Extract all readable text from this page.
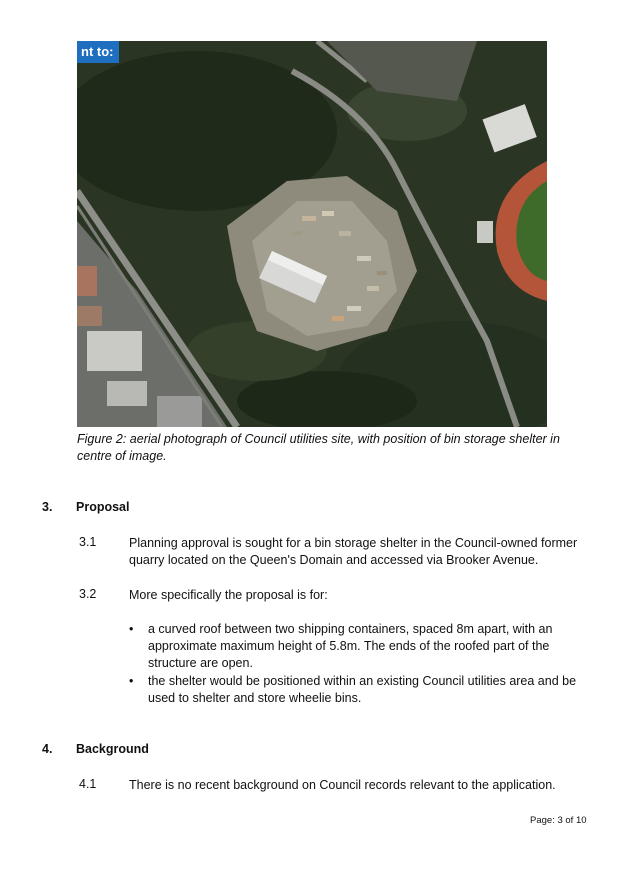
nt to:
Figure 2: aerial photograph of Council utilities site, with position of bin storage shelter in centre of image.
3. Proposal
3.1	Planning approval is sought for a bin storage shelter in the Council-owned former quarry located on the Queen's Domain and accessed via Brooker Avenue.
3.2	More specifically the proposal is for:
• a curved roof between two shipping containers, spaced 8m apart, with an approximate maximum height of 5.8m. The ends of the roofed part of the structure are open.
• the shelter would be positioned within an existing Council utilities area and be used to shelter and store wheelie bins.
4. Background
4.1	There is no recent background on Council records relevant to the application.
Page: 3 of 10
